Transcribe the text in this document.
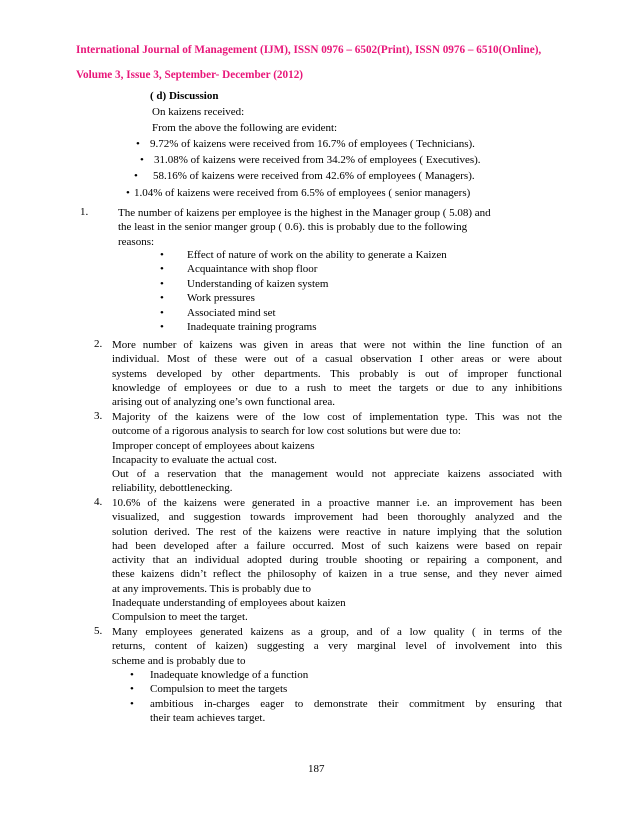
International Journal of Management (IJM), ISSN 0976 – 6502(Print), ISSN 0976 – 6510(Online),
Volume 3, Issue 3, September- December (2012)
( d) Discussion
On kaizens received:
From the above the following are evident:
• 9.72% of kaizens were received from 16.7% of employees ( Technicians).
• 31.08% of kaizens were received from 34.2% of employees ( Executives).
• 58.16% of kaizens were received from 42.6% of employees ( Managers).
• 1.04% of kaizens were received from 6.5% of employees ( senior managers)
1.	The number of kaizens per employee is the highest in the Manager group ( 5.08) and
the least in the senior manger group ( 0.6). this is probably due to the following
reasons:
• Effect of nature of work on the ability to generate a Kaizen
• Acquaintance with shop floor
• Understanding of kaizen system
• Work pressures
• Associated mind set
• Inadequate training programs
2. More number of kaizens was given in areas that were not within the line function of an
individual. Most of these were out of a casual observation I other areas or were about
systems developed by other departments. This probably is out of improper functional
knowledge of employees or due to a rush to meet the targets or due to any inhibitions
arising out of analyzing one’s own functional area.
3. Majority of the kaizens were of the low cost of implementation type. This was not the
outcome of a rigorous analysis to search for low cost solutions but were due to:
Improper concept of employees about kaizens
Incapacity to evaluate the actual cost.
Out of a reservation that the management would not appreciate kaizens associated with
reliability, debottlenecking.
4. 10.6% of the kaizens were generated in a proactive manner i.e. an improvement has been
visualized, and suggestion towards improvement had been thoroughly analyzed and the
solution derived. The rest of the kaizens were reactive in nature implying that the solution
had been developed after a failure occurred. Most of such kaizens were based on repair
activity that an individual adopted during trouble shooting or repairing a component, and
these kaizens didn’t reflect the philosophy of kaizen in a true sense, and they never aimed
at any improvements. This is probably due to
Inadequate understanding of employees about kaizen
Compulsion to meet the target.
5. Many employees generated kaizens as a group, and of a low quality ( in terms of the
returns, content of kaizen) suggesting a very marginal level of involvement into this
scheme and is probably due to
• Inadequate knowledge of a function
• Compulsion to meet the targets
• ambitious in-charges eager to demonstrate their commitment by ensuring that
their team achieves target.
187
